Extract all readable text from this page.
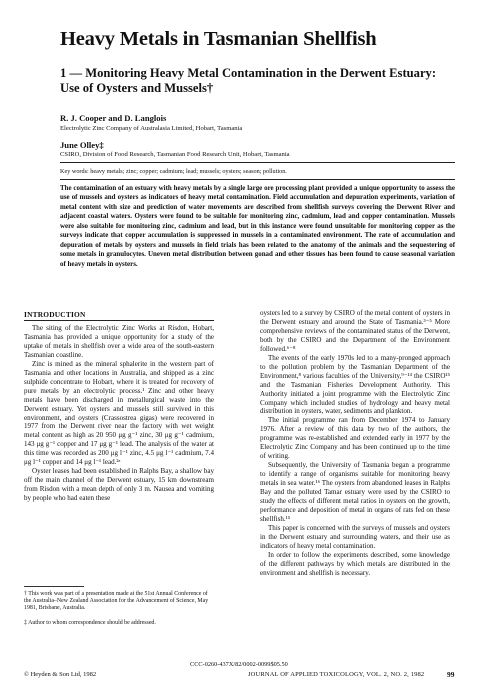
Heavy Metals in Tasmanian Shellfish
1 — Monitoring Heavy Metal Contamination in the Derwent Estuary: Use of Oysters and Mussels†
R. J. Cooper and D. Langlois
Electrolytic Zinc Company of Australasia Limited, Hobart, Tasmania
June Olley‡
CSIRO, Division of Food Research, Tasmanian Food Research Unit, Hobart, Tasmania
Key words: heavy metals; zinc; copper; cadmium; lead; mussels; oysters; season; pollution.
The contamination of an estuary with heavy metals by a single large ore processing plant provided a unique opportunity to assess the use of mussels and oysters as indicators of heavy metal contamination. Field accumulation and depuration experiments, variation of metal content with size and prediction of water movements are described from shellfish surveys covering the Derwent River and adjacent coastal waters. Oysters were found to be suitable for monitoring zinc, cadmium, lead and copper contamination. Mussels were also suitable for monitoring zinc, cadmium and lead, but in this instance were found unsuitable for monitoring copper as the surveys indicate that copper accumulation is suppressed in mussels in a contaminated environment. The rate of accumulation and depuration of metals by oysters and mussels in field trials has been related to the anatomy of the animals and the sequestering of some metals in granulocytes. Uneven metal distribution between gonad and other tissues has been found to cause seasonal variation of heavy metals in oysters.
INTRODUCTION

The siting of the Electrolytic Zinc Works at Risdon, Hobart, Tasmania has provided a unique opportunity for a study of the uptake of metals in shellfish over a wide area of the south-eastern Tasmanian coastline.

Zinc is mined as the mineral sphalerite in the western part of Tasmania and other locations in Australia, and shipped as a zinc sulphide concentrate to Hobart, where it is treated for recovery of pure metals by an electrolytic process.¹ Zinc and other heavy metals have been discharged in metallurgical waste into the Derwent estuary. Yet oysters and mussels still survived in this environment, and oysters (Crassostrea gigas) were recovered in 1977 from the Derwent river near the factory with wet weight metal content as high as 20 950 μg g⁻¹ zinc, 30 μg g⁻¹ cadmium, 143 μg g⁻¹ copper and 17 μg g⁻¹ lead. The analysis of the water at this time was recorded as 200 μg l⁻¹ zinc, 4.5 μg l⁻¹ cadmium, 7.4 μg l⁻¹ copper and 14 μg l⁻¹ lead.²ᵃ

Oyster leases had been established in Ralphs Bay, a shallow bay off the main channel of the Derwent estuary, 15 km downstream from Risdon with a mean depth of only 3 m. Nausea and vomiting by people who had eaten these

oysters led to a survey by CSIRO of the metal content of oysters in the Derwent estuary and around the State of Tasmania.³⁻⁵ More comprehensive reviews of the contaminated status of the Derwent, both by the CSIRO and the Department of the Environment followed.⁶⁻⁸

The events of the early 1970s led to a many-pronged approach to the pollution problem by the Tasmanian Department of the Environment,⁸ various faculties of the University,⁹⁻¹⁴ the CSIRO¹⁵ and the Tasmanian Fisheries Development Authority. This Authority initiated a joint programme with the Electrolytic Zinc Company which included studies of hydrology and heavy metal distribution in oysters, water, sediments and plankton.

The initial programme ran from December 1974 to January 1976. After a review of this data by two of the authors, the programme was re-established and extended early in 1977 by the Electrolytic Zinc Company and has been continued up to the time of writing.

Subsequently, the University of Tasmania began a programme to identify a range of organisms suitable for monitoring heavy metals in sea water.¹⁶ The oysters from abandoned leases in Ralphs Bay and the polluted Tamar estuary were used by the CSIRO to study the effects of different metal ratios in oysters on the growth, performance and deposition of metal in organs of rats fed on these shellfish.¹⁵

This paper is concerned with the surveys of mussels and oysters in the Derwent estuary and surrounding waters, and their use as indicators of heavy metal contamination.

In order to follow the experiments described, some knowledge of the different pathways by which metals are distributed in the environment and shellfish is necessary.

† This work was part of a presentation made at the 51st Annual Conference of the Australia–New Zealand Association for the Advancement of Science, May 1981, Brisbane, Australia.
‡ Author to whom correspondence should be addressed.
CCC-0260-437X/82/0002-0099$05.50
© Heyden & Son Ltd, 1982	JOURNAL OF APPLIED TOXICOLOGY, VOL. 2, NO. 2, 1982	99
